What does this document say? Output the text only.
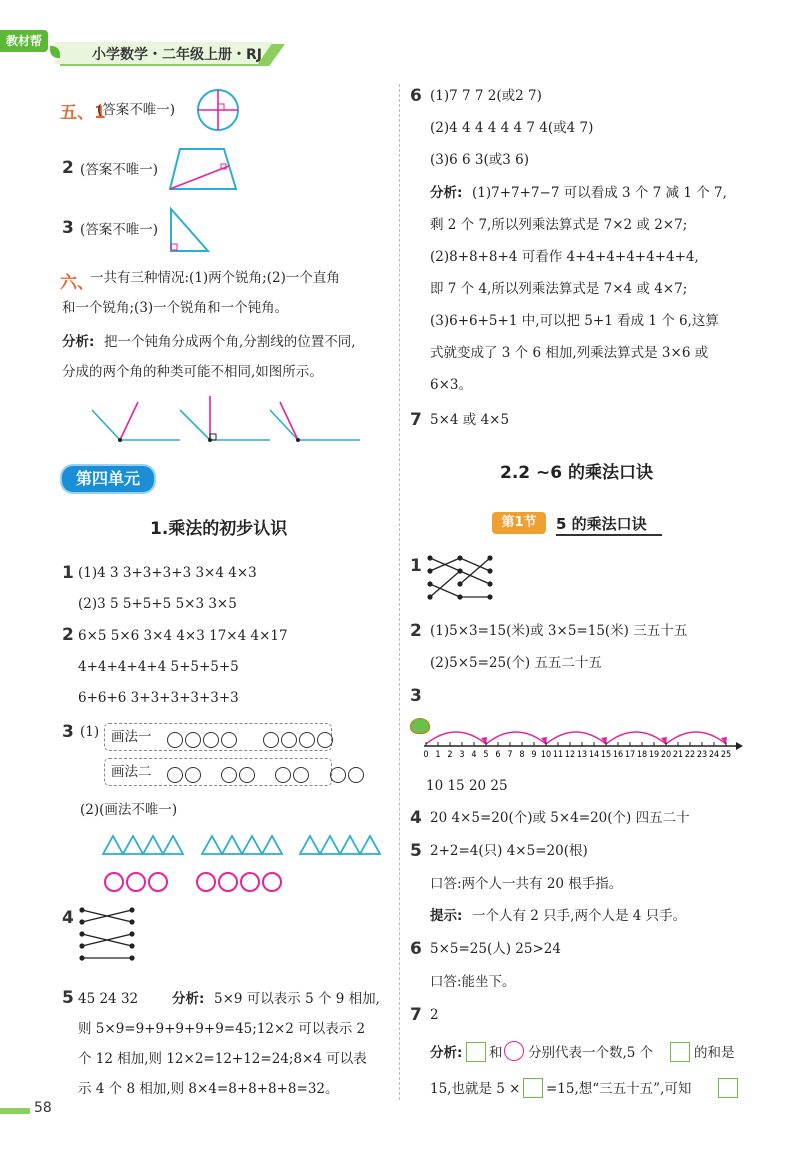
小学数学・二年级上册・RJ
教材帮
五、1
(答案不唯一)
2 (答案不唯一)
3 (答案不唯一)
六、
一共有三种情况:(1)两个锐角;(2)一个直角
和一个锐角;(3)一个锐角和一个钝角。
分析: 把一个钝角分成两个角,分割线的位置不同,
分成的两个角的种类可能不相同,如图所示。
第四单元
1.乘法的初步认识
1 (1)4 3 3+3+3+3 3×4 4×3
(2)3 5 5+5+5 5×3 3×5
2 6×5 5×6 3×4 4×3 17×4 4×17
4+4+4+4+4 5+5+5+5
6+6+6 3+3+3+3+3+3
3 (1) 画法一

画法二

(2)(画法不唯一)

4
5 45 24 32	分析: 5×9 可以表示 5 个 9 相加,
则 5×9=9+9+9+9+9=45;12×2 可以表示 2
个 12 相加,则 12×2=12+12=24;8×4 可以表
示 4 个 8 相加,则 8×4=8+8+8+8=32。
58
6 (1)7 7 7 2(或2 7)
(2)4 4 4 4 4 4 7 4(或4 7)
(3)6 6 3(或3 6)
分析: (1)7+7+7−7 可以看成 3 个 7 减 1 个 7,
剩 2 个 7,所以列乘法算式是 7×2 或 2×7;
(2)8+8+8+4 可看作 4+4+4+4+4+4+4,
即 7 个 4,所以列乘法算式是 7×4 或 4×7;
(3)6+6+5+1 中,可以把 5+1 看成 1 个 6,这算
式就变成了 3 个 6 相加,列乘法算式是 3×6 或
6×3。
7 5×4 或 4×5
2.2 ~6 的乘法口诀
第1节	5 的乘法口诀
1
2 (1)5×3=15(米)或 3×5=15(米) 三五十五
(2)5×5=25(个) 五五二十五
3
0 1 2 3 4 5 6 7 8 9 10 11 12 13 14 15 16 17 18 19 20 21 22 23 24 25
10 15 20 25
4 20 4×5=20(个)或 5×4=20(个) 四五二十
5 2+2=4(只) 4×5=20(根)
口答:两个人一共有 20 根手指。
提示: 一个人有 2 只手,两个人是 4 只手。
6 5×5=25(人) 25>24
口答:能坐下。
7 2
分析: 和 分别代表一个数,5 个	的和是
15,也就是 5 × =15,想“三五十五”,可知
